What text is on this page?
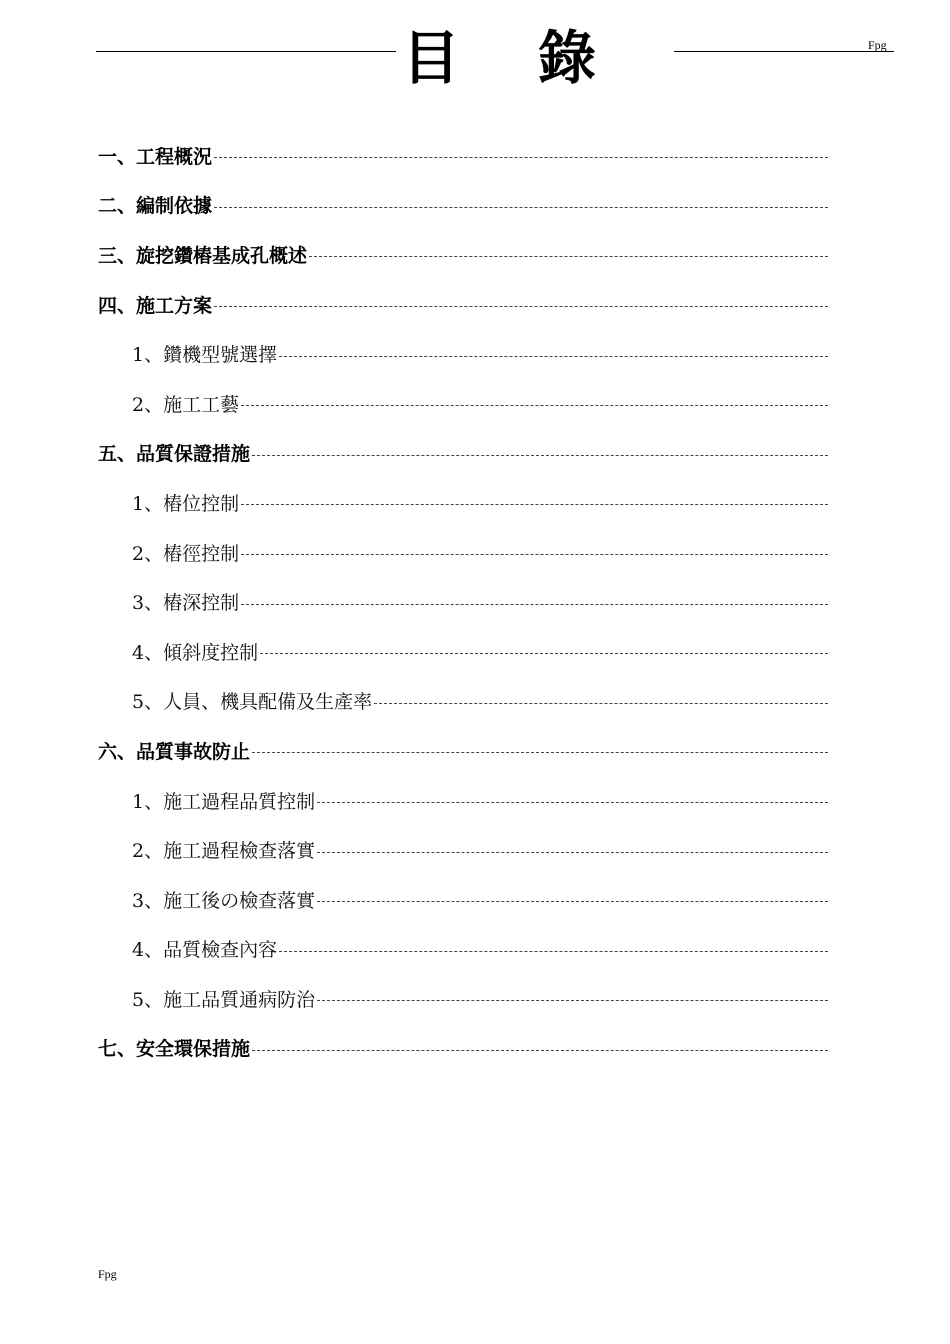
目錄	Fpg
一、工程概況
二、編制依據
三、旋挖鑽樁基成孔概述
四、施工方案
1、鑽機型號選擇
2、施工工藝
五、品質保證措施
1、樁位控制
2、樁徑控制
3、樁深控制
4、傾斜度控制
5、人員、機具配備及生產率
六、品質事故防止
1、施工過程品質控制
2、施工過程檢查落實
3、施工後の檢查落實
4、品質檢查內容
5、施工品質通病防治
七、安全環保措施
Fpg
